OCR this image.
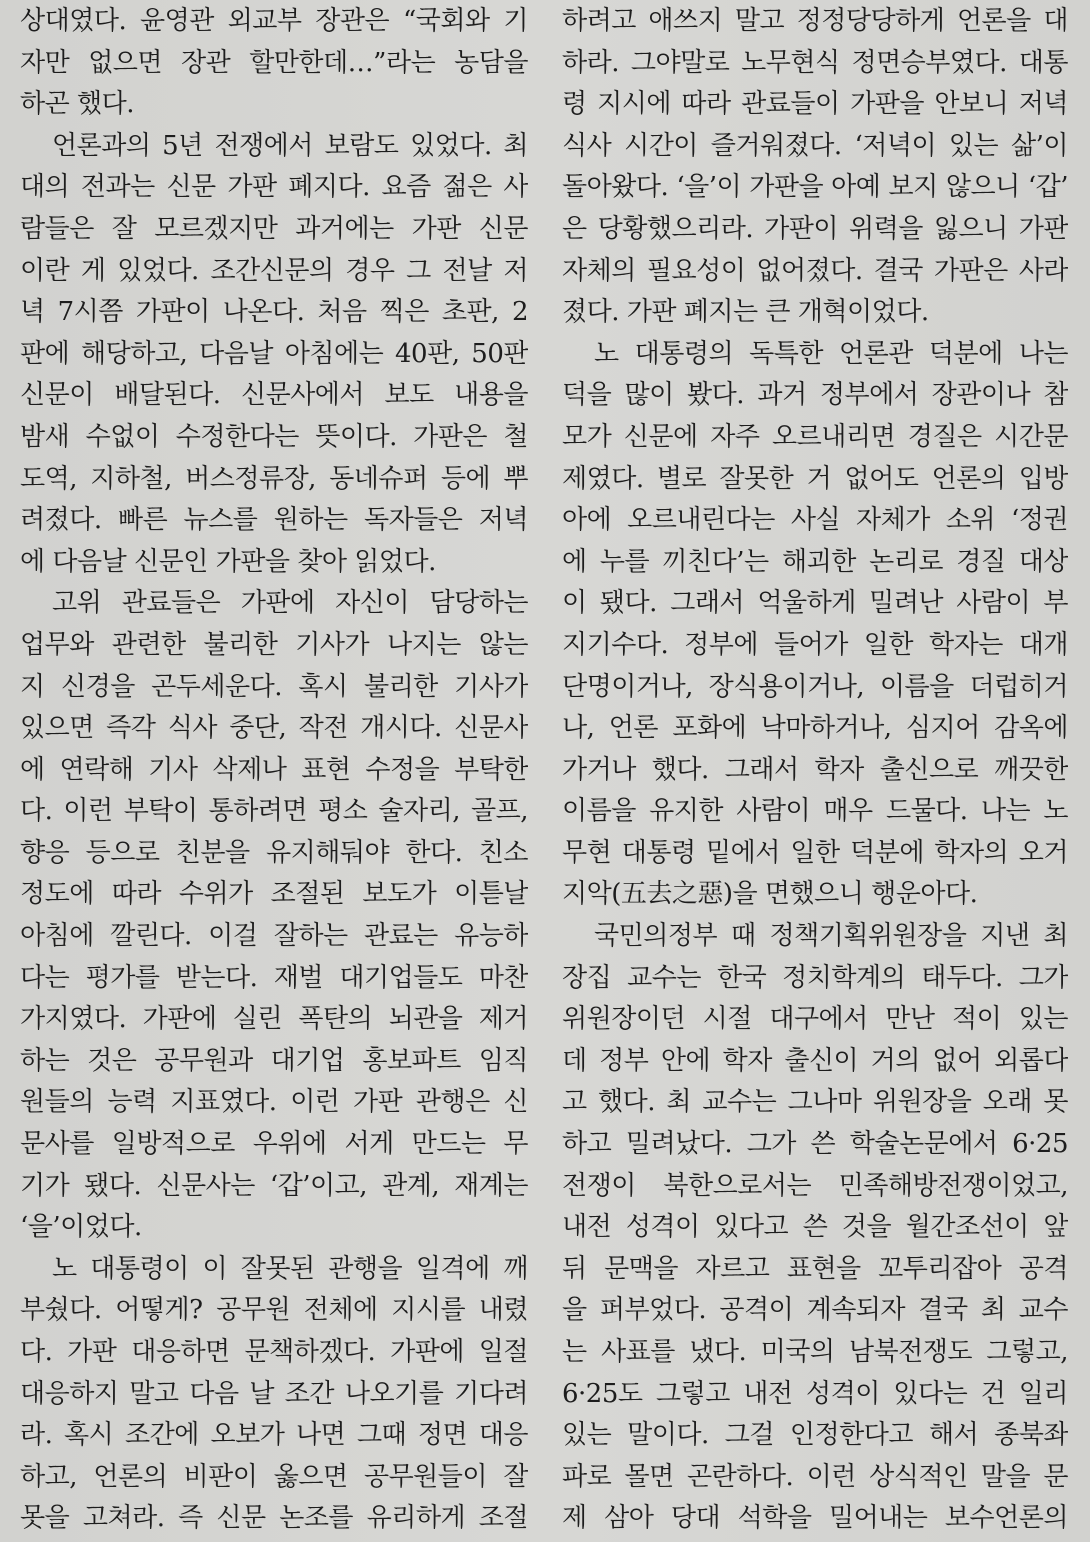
상대였다. 윤영관 외교부 장관은 “국회와 기
자만 없으면 장관 할만한데…”라는 농담을
하곤 했다.
언론과의 5년 전쟁에서 보람도 있었다. 최
대의 전과는 신문 가판 폐지다. 요즘 젊은 사
람들은 잘 모르겠지만 과거에는 가판 신문
이란 게 있었다. 조간신문의 경우 그 전날 저
녁 7시쯤 가판이 나온다. 처음 찍은 초판, 2
판에 해당하고, 다음날 아침에는 40판, 50판
신문이 배달된다. 신문사에서 보도 내용을
밤새 수없이 수정한다는 뜻이다. 가판은 철
도역, 지하철, 버스정류장, 동네슈퍼 등에 뿌
려졌다. 빠른 뉴스를 원하는 독자들은 저녁
에 다음날 신문인 가판을 찾아 읽었다.
고위 관료들은 가판에 자신이 담당하는
업무와 관련한 불리한 기사가 나지는 않는
지 신경을 곤두세운다. 혹시 불리한 기사가
있으면 즉각 식사 중단, 작전 개시다. 신문사
에 연락해 기사 삭제나 표현 수정을 부탁한
다. 이런 부탁이 통하려면 평소 술자리, 골프,
향응 등으로 친분을 유지해둬야 한다. 친소
정도에 따라 수위가 조절된 보도가 이튿날
아침에 깔린다. 이걸 잘하는 관료는 유능하
다는 평가를 받는다. 재벌 대기업들도 마찬
가지였다. 가판에 실린 폭탄의 뇌관을 제거
하는 것은 공무원과 대기업 홍보파트 임직
원들의 능력 지표였다. 이런 가판 관행은 신
문사를 일방적으로 우위에 서게 만드는 무
기가 됐다. 신문사는 ‘갑’이고, 관계, 재계는
‘을’이었다.
노 대통령이 이 잘못된 관행을 일격에 깨
부쉈다. 어떻게? 공무원 전체에 지시를 내렸
다. 가판 대응하면 문책하겠다. 가판에 일절
대응하지 말고 다음 날 조간 나오기를 기다려
라. 혹시 조간에 오보가 나면 그때 정면 대응
하고, 언론의 비판이 옳으면 공무원들이 잘
못을 고쳐라. 즉 신문 논조를 유리하게 조절
하려고 애쓰지 말고 정정당당하게 언론을 대
하라. 그야말로 노무현식 정면승부였다. 대통
령 지시에 따라 관료들이 가판을 안보니 저녁
식사 시간이 즐거워졌다. ‘저녁이 있는 삶’이
돌아왔다. ‘을’이 가판을 아예 보지 않으니 ‘갑’
은 당황했으리라. 가판이 위력을 잃으니 가판
자체의 필요성이 없어졌다. 결국 가판은 사라
졌다. 가판 폐지는 큰 개혁이었다.
노 대통령의 독특한 언론관 덕분에 나는
덕을 많이 봤다. 과거 정부에서 장관이나 참
모가 신문에 자주 오르내리면 경질은 시간문
제였다. 별로 잘못한 거 없어도 언론의 입방
아에 오르내린다는 사실 자체가 소위 ‘정권
에 누를 끼친다’는 해괴한 논리로 경질 대상
이 됐다. 그래서 억울하게 밀려난 사람이 부
지기수다. 정부에 들어가 일한 학자는 대개
단명이거나, 장식용이거나, 이름을 더럽히거
나, 언론 포화에 낙마하거나, 심지어 감옥에
가거나 했다. 그래서 학자 출신으로 깨끗한
이름을 유지한 사람이 매우 드물다. 나는 노
무현 대통령 밑에서 일한 덕분에 학자의 오거
지악(五去之惡)을 면했으니 행운아다.
국민의정부 때 정책기획위원장을 지낸 최
장집 교수는 한국 정치학계의 태두다. 그가
위원장이던 시절 대구에서 만난 적이 있는
데 정부 안에 학자 출신이 거의 없어 외롭다
고 했다. 최 교수는 그나마 위원장을 오래 못
하고 밀려났다. 그가 쓴 학술논문에서 6·25
전쟁이 북한으로서는 민족해방전쟁이었고,
내전 성격이 있다고 쓴 것을 월간조선이 앞
뒤 문맥을 자르고 표현을 꼬투리잡아 공격
을 퍼부었다. 공격이 계속되자 결국 최 교수
는 사표를 냈다. 미국의 남북전쟁도 그렇고,
6·25도 그렇고 내전 성격이 있다는 건 일리
있는 말이다. 그걸 인정한다고 해서 종북좌
파로 몰면 곤란하다. 이런 상식적인 말을 문
제 삼아 당대 석학을 밀어내는 보수언론의
